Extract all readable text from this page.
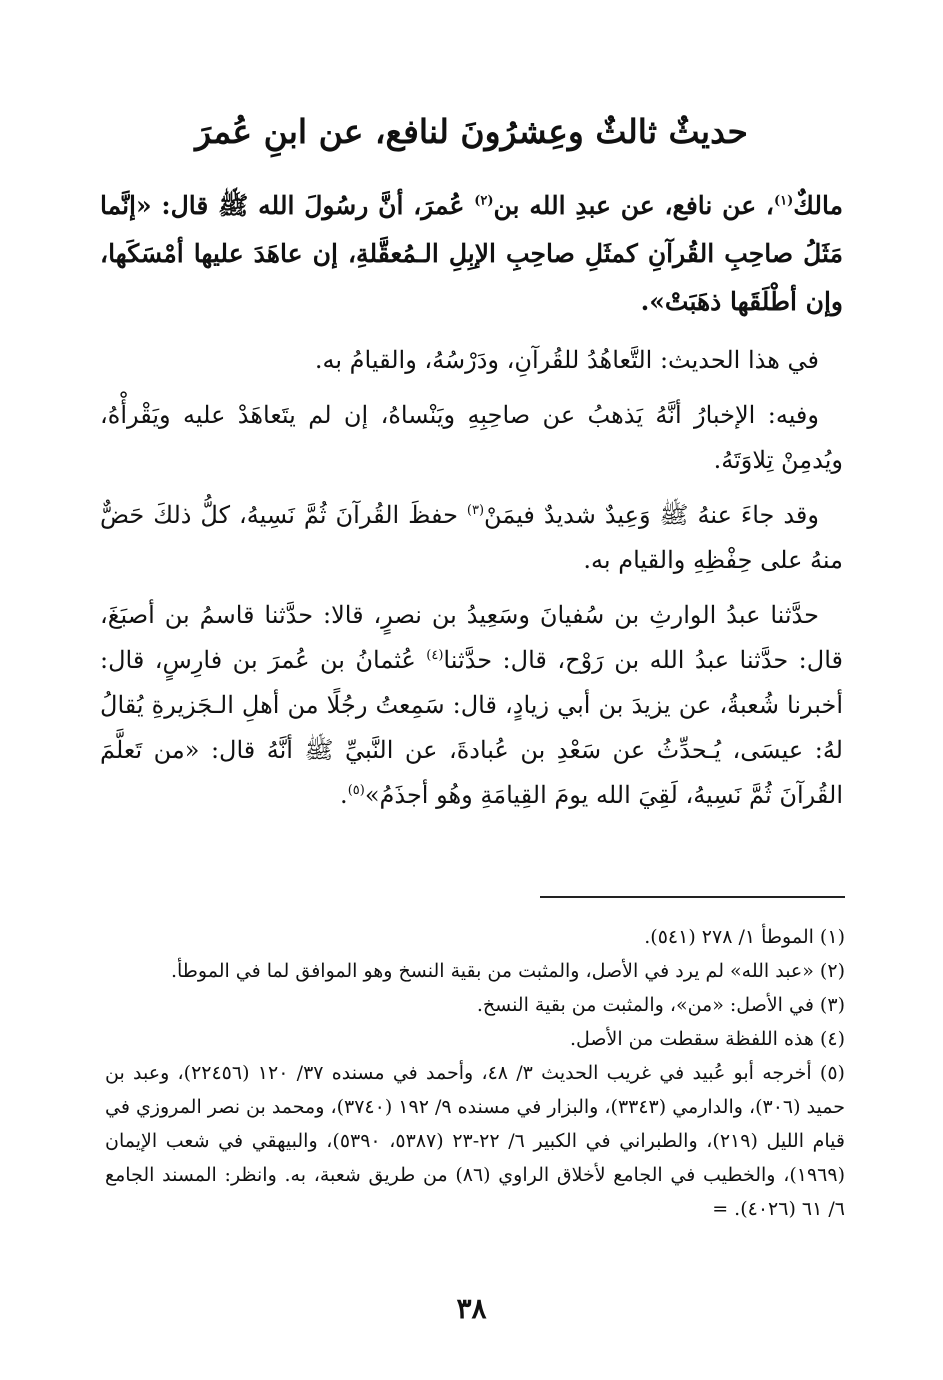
حديثٌ ثالثٌ وعِشرُونَ لنافع، عن ابنِ عُمرَ

مالكٌ$^{(١)}$، عن نافع، عن عبدِ الله بن$^{(٢)}$ عُمرَ، أنَّ رسُولَ الله ﷺ قال: «إنَّما مَثَلُ صاحِبِ القُرآنِ كمثَلِ صاحِبِ الإبِلِ الـمُعقَّلةِ، إن عاهَدَ عليها أمْسَكَها، وإن أطْلَقَها ذهَبَتْ».

في هذا الحديث: التَّعاهُدُ للقُرآنِ، ودَرْسُهُ، والقيامُ به.

وفيه: الإخبارُ أنَّهُ يَذهبُ عن صاحِبِهِ ويَنْساهُ، إن لم يتَعاهَدْ عليه ويَقْرأْهُ، ويُدمِنْ تِلاوَتَهُ.

وقد جاءَ عنهُ ﷺ وَعِيدٌ شديدٌ فيمَنْ$^{(٣)}$ حفظَ القُرآنَ ثُمَّ نَسِيهُ، كلُّ ذلكَ حَضٌّ منهُ على حِفْظِهِ والقيام به.

حدَّثنا عبدُ الوارثِ بن سُفيانَ وسَعِيدُ بن نصرٍ، قالا: حدَّثنا قاسمُ بن أصبَغَ، قال: حدَّثنا عبدُ الله بن رَوْح، قال: حدَّثنا$^{(٤)}$ عُثمانُ بن عُمرَ بن فارِسٍ، قال: أخبرنا شُعبةُ، عن يزيدَ بن أبي زيادٍ، قال: سَمِعتُ رجُلًا من أهلِ الـجَزيرةِ يُقالُ لهُ: عيسَى، يُـحدِّثُ عن سَعْدِ بن عُبادةَ، عن النَّبيِّ ﷺ أنَّهُ قال: «من تَعلَّمَ القُرآنَ ثُمَّ نَسِيهُ، لَقِيَ الله يومَ القِيامَةِ وهُو أجذَمُ»$^{(٥)}$.

(١) الموطأ ١/ ٢٧٨ (٥٤١).

(٢) «عبد الله» لم يرد في الأصل، والمثبت من بقية النسخ وهو الموافق لما في الموطأ.

(٣) في الأصل: «من»، والمثبت من بقية النسخ.

(٤) هذه اللفظة سقطت من الأصل.

(٥) أخرجه أبو عُبيد في غريب الحديث ٣/ ٤٨، وأحمد في مسنده ٣٧/ ١٢٠ (٢٢٤٥٦)، وعبد بن حميد (٣٠٦)، والدارمي (٣٣٤٣)، والبزار في مسنده ٩/ ١٩٢ (٣٧٤٠)، ومحمد بن نصر المروزي في قيام الليل (٢١٩)، والطبراني في الكبير ٦/ ٢٢-٢٣ (٥٣٨٧، ٥٣٩٠)، والبيهقي في شعب الإيمان (١٩٦٩)، والخطيب في الجامع لأخلاق الراوي (٨٦) من طريق شعبة، به. وانظر: المسند الجامع ٦/ ٦١ (٤٠٢٦). =

٣٨
